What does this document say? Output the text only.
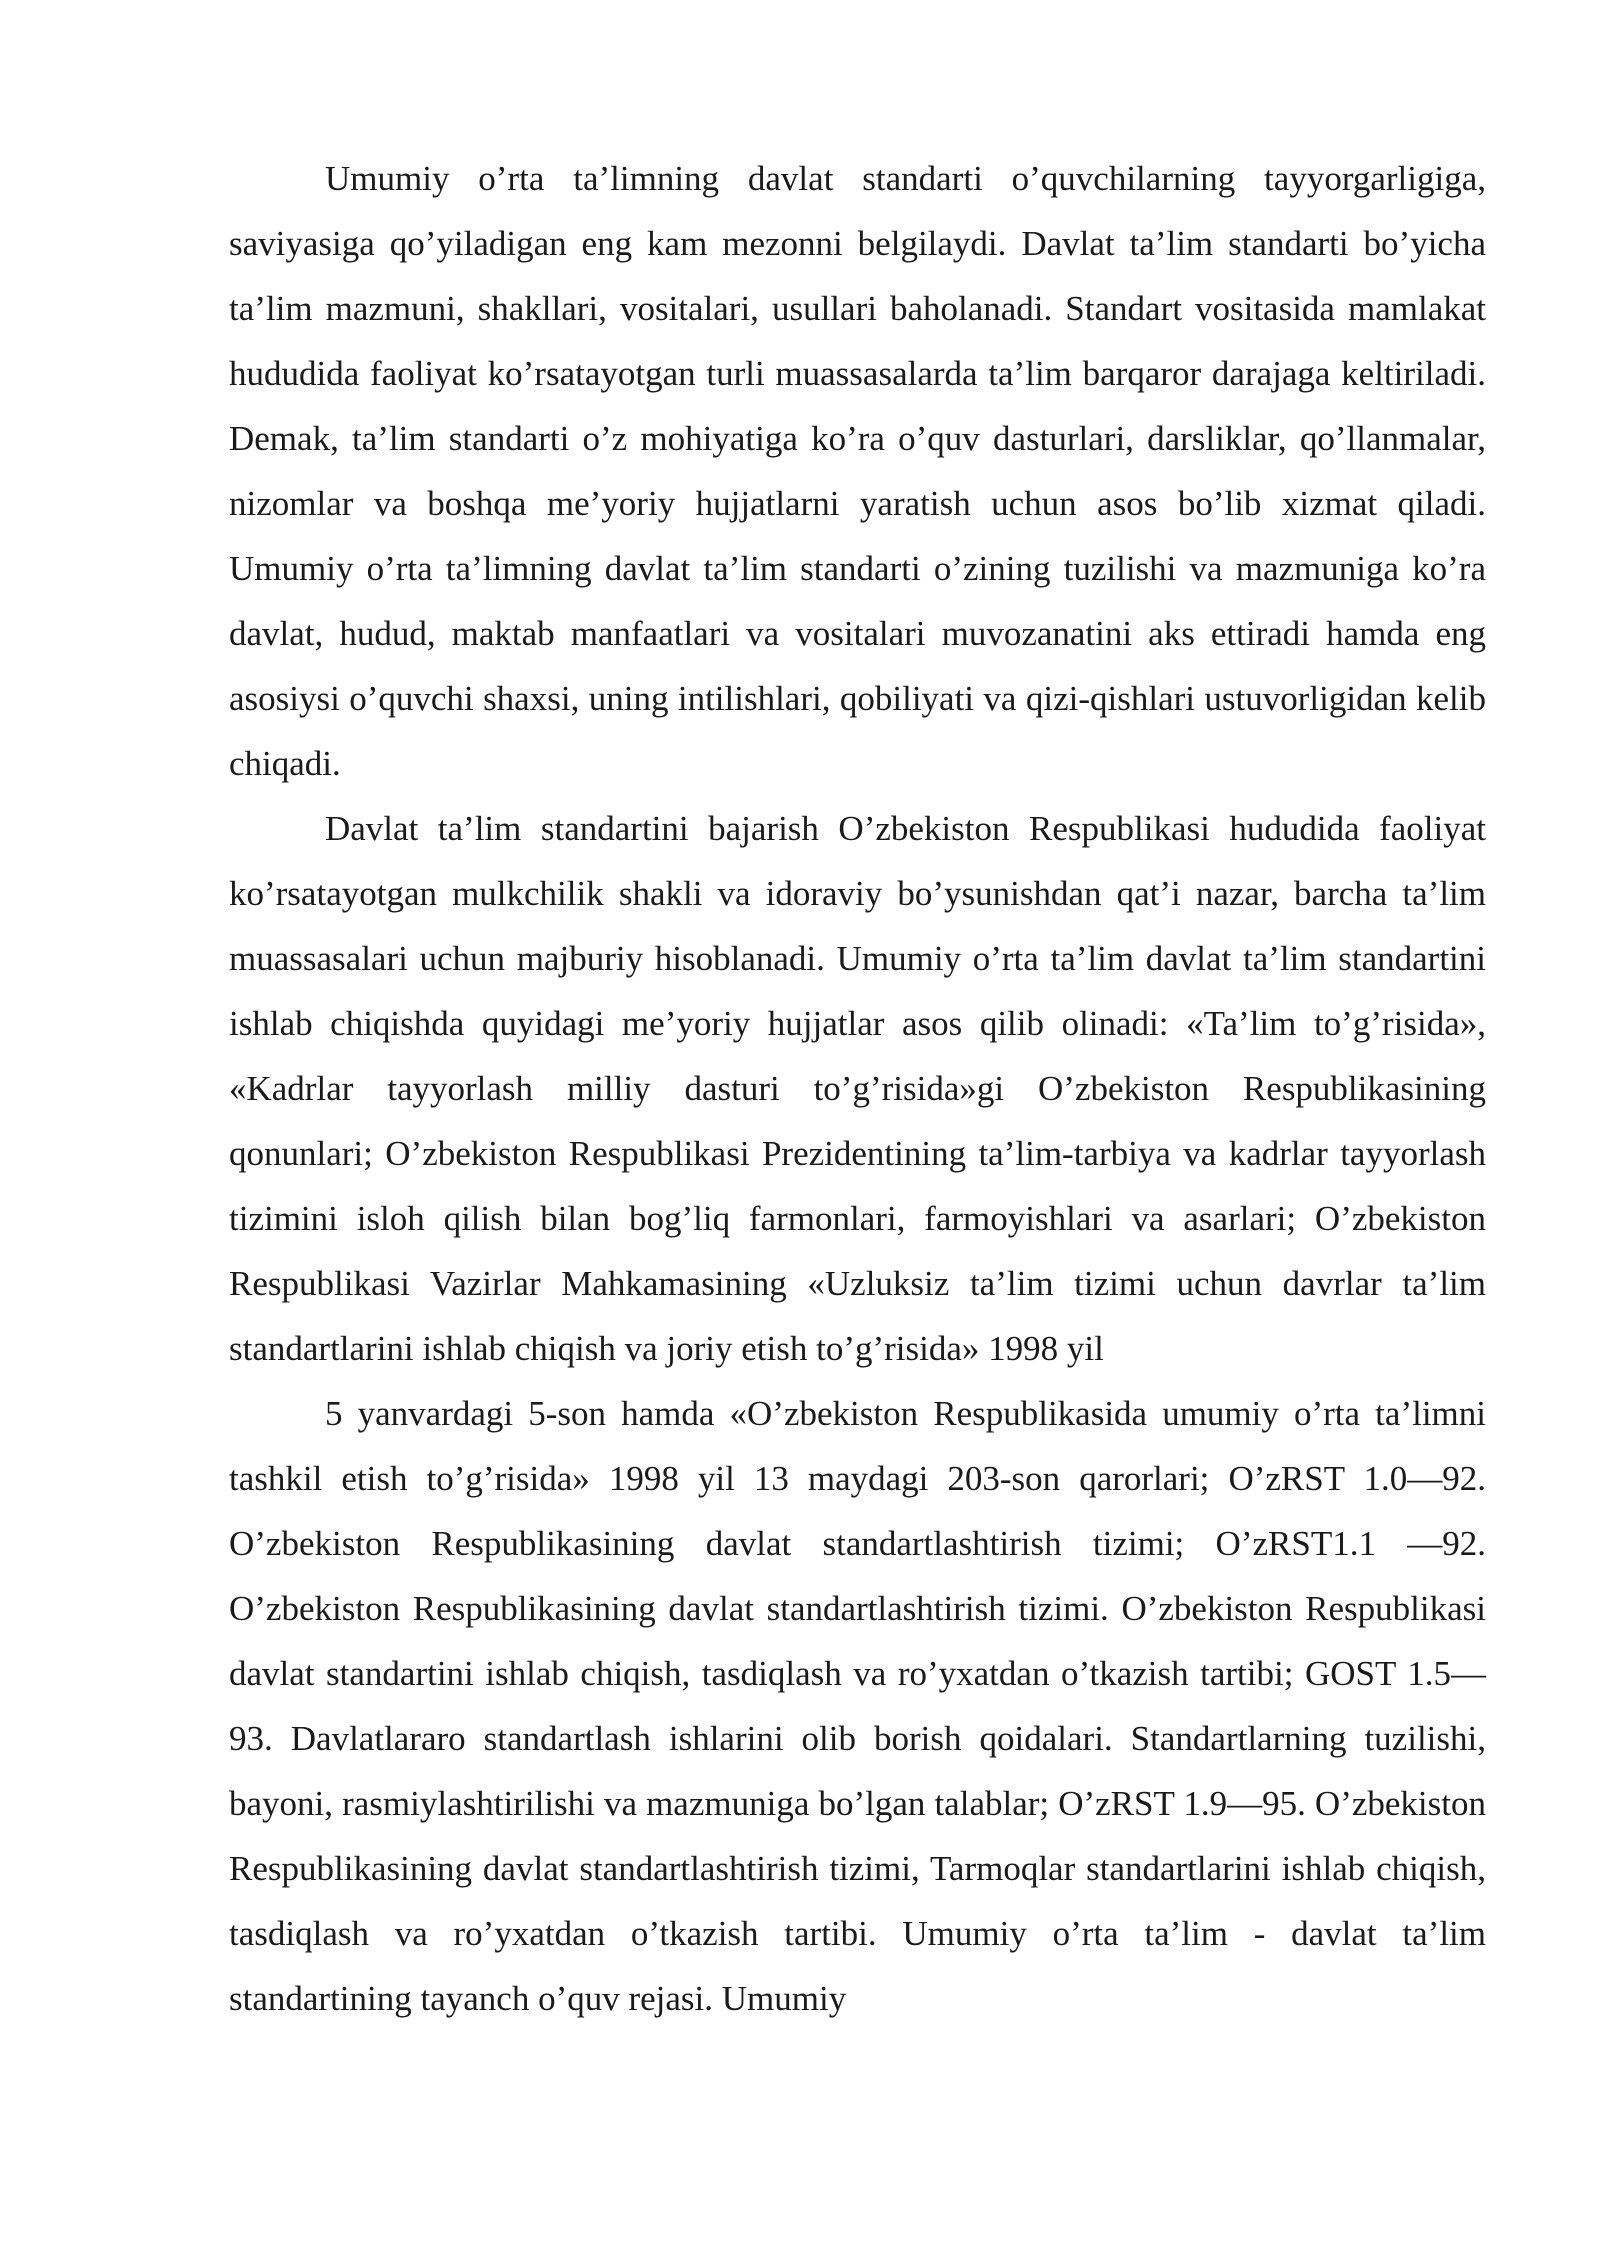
Umumiy o’rta ta’limning davlat standarti o’quvchilarning tayyorgarligiga, saviyasiga qo’yiladigan eng kam mezonni belgilaydi. Davlat ta’lim standarti bo’yicha ta’lim mazmuni, shakllari, vositalari, usullari baholanadi. Standart vositasida mamlakat hududida faoliyat ko’rsatayotgan turli muassasalarda ta’lim barqaror darajaga keltiriladi. Demak, ta’lim standarti o’z mohiyatiga ko’ra o’quv dasturlari, darsliklar, qo’llanmalar, nizomlar va boshqa me’yoriy hujjatlarni yaratish uchun asos bo’lib xizmat qiladi. Umumiy o’rta ta’limning davlat ta’lim standarti o’zining tuzilishi va mazmuniga ko’ra davlat, hudud, maktab manfaatlari va vositalari muvozanatini aks ettiradi hamda eng asosiysi o’quvchi shaxsi, uning intilishlari, qobiliyati va qizi-qishlari ustuvorligidan kelib chiqadi.

Davlat ta’lim standartini bajarish O’zbekiston Respublikasi hududida faoliyat ko’rsatayotgan mulkchilik shakli va idoraviy bo’ysunishdan qat’i nazar, barcha ta’lim muassasalari uchun majburiy hisoblanadi. Umumiy o’rta ta’lim davlat ta’lim standartini ishlab chiqishda quyidagi me’yoriy hujjatlar asos qilib olinadi: «Ta’lim to’g’risida», «Kadrlar tayyorlash milliy dasturi to’g’risida»gi O’zbekiston Respublikasining qonunlari; O’zbekiston Respublikasi Prezidentining ta’lim-tarbiya va kadrlar tayyorlash tizimini isloh qilish bilan bog’liq farmonlari, farmoyishlari va asarlari; O’zbekiston Respublikasi Vazirlar Mahkamasining «Uzluksiz ta’lim tizimi uchun davrlar ta’lim standartlarini ishlab chiqish va joriy etish to’g’risida» 1998 yil

5 yanvardagi 5-son hamda «O’zbekiston Respublikasida umumiy o’rta ta’limni tashkil etish to’g’risida» 1998 yil 13 maydagi 203-son qarorlari; O’zRST 1.0—92. O’zbekiston Respublikasining davlat standartlashtirish tizimi; O’zRST1.1 —92. O’zbekiston Respublikasining davlat standartlashtirish tizimi. O’zbekiston Respublikasi davlat standartini ishlab chiqish, tasdiqlash va ro’yxatdan o’tkazish tartibi; GOST 1.5—93. Davlatlararo standartlash ishlarini olib borish qoidalari. Standartlarning tuzilishi, bayoni, rasmiylashtirilishi va mazmuniga bo’lgan talablar; O’zRST 1.9—95. O’zbekiston Respublikasining davlat standartlashtirish tizimi, Tarmoqlar standartlarini ishlab chiqish, tasdiqlash va ro’yxatdan o’tkazish tartibi. Umumiy o’rta ta’lim - davlat ta’lim standartining tayanch o’quv rejasi. Umumiy
